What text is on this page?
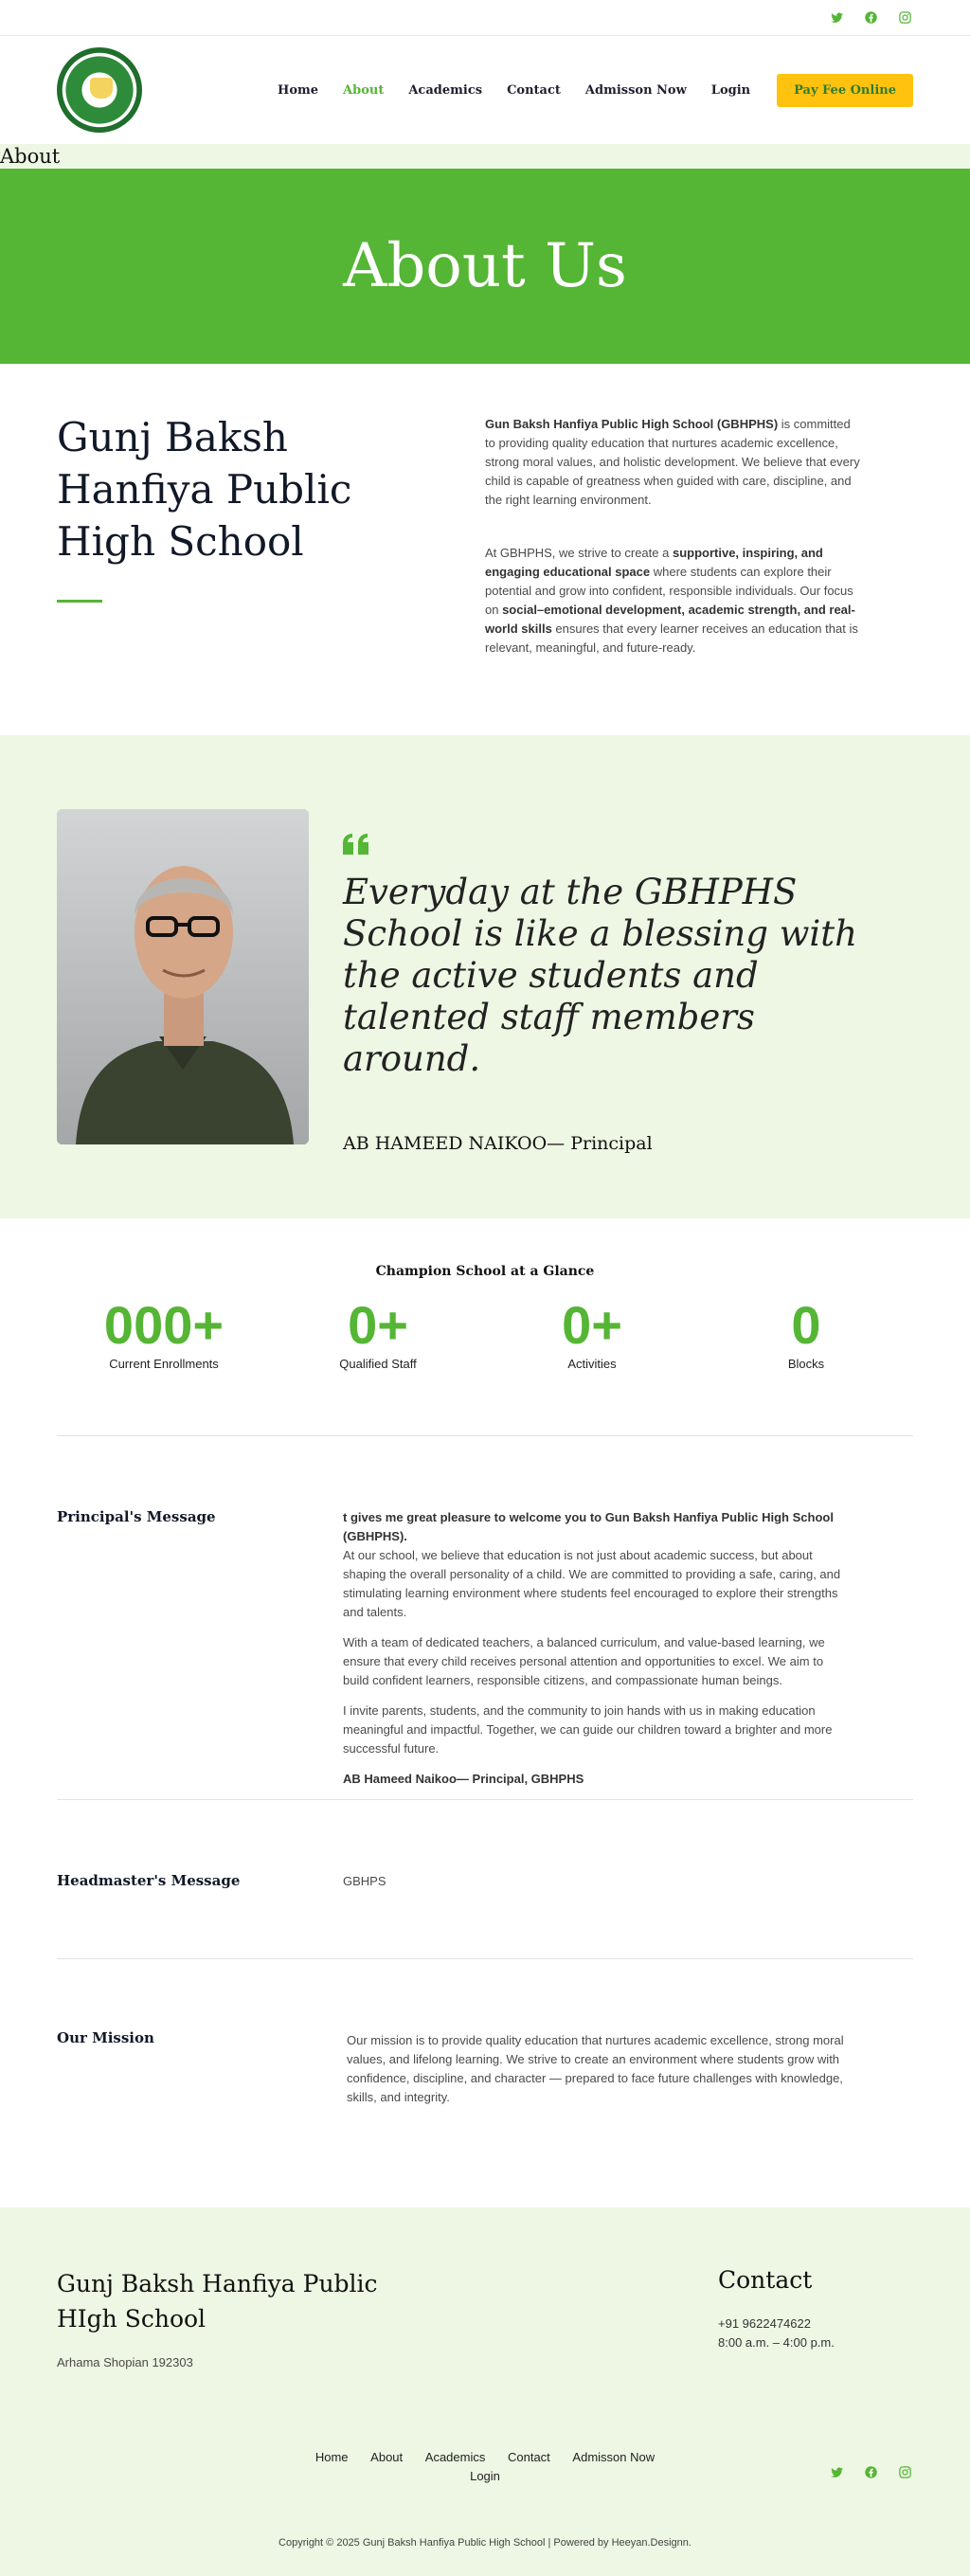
Home About Academics Contact Admisson Now Login	Pay Fee Online
About
About Us
Gunj Baksh Hanfiya Public High School

Gun Baksh Hanfiya Public High School (GBHPHS) is committed to providing quality education that nurtures academic excellence, strong moral values, and holistic development. We believe that every child is capable of greatness when guided with care, discipline, and the right learning environment.

At GBHPHS, we strive to create a supportive, inspiring, and engaging educational space where students can explore their potential and grow into confident, responsible individuals. Our focus on social–emotional development, academic strength, and real-world skills ensures that every learner receives an education that is relevant, meaningful, and future-ready.

Everyday at the GBHPHS School is like a blessing with the active students and talented staff members around.
AB HAMEED NAIKOO— Principal
Champion School at a Glance
000+
Current Enrollments
0+
Qualified Staff
0+
Activities
0
Blocks
Principal's Message	t gives me great pleasure to welcome you to Gun Baksh Hanfiya Public High School (GBHPHS).

At our school, we believe that education is not just about academic success, but about shaping the overall personality of a child. We are committed to providing a safe, caring, and stimulating learning environment where students feel encouraged to explore their strengths and talents.

With a team of dedicated teachers, a balanced curriculum, and value-based learning, we ensure that every child receives personal attention and opportunities to excel. We aim to build confident learners, responsible citizens, and compassionate human beings.

I invite parents, students, and the community to join hands with us in making education meaningful and impactful. Together, we can guide our children toward a brighter and more successful future.

AB Hameed Naikoo— Principal, GBHPHS

Headmaster's Message	GBHPS
Our Mission	Our mission is to provide quality education that nurtures academic excellence, strong moral values, and lifelong learning. We strive to create an environment where students grow with confidence, discipline, and character — prepared to face future challenges with knowledge, skills, and integrity.
Gunj Baksh Hanfiya Public HIgh School
Arhama Shopian 192303
Contact
+91 9622474622
8:00 a.m. – 4:00 p.m.
Home About Academics Contact Admisson Now
Login
Copyright © 2025 Gunj Baksh Hanfiya Public High School | Powered by Heeyan.Designn.
